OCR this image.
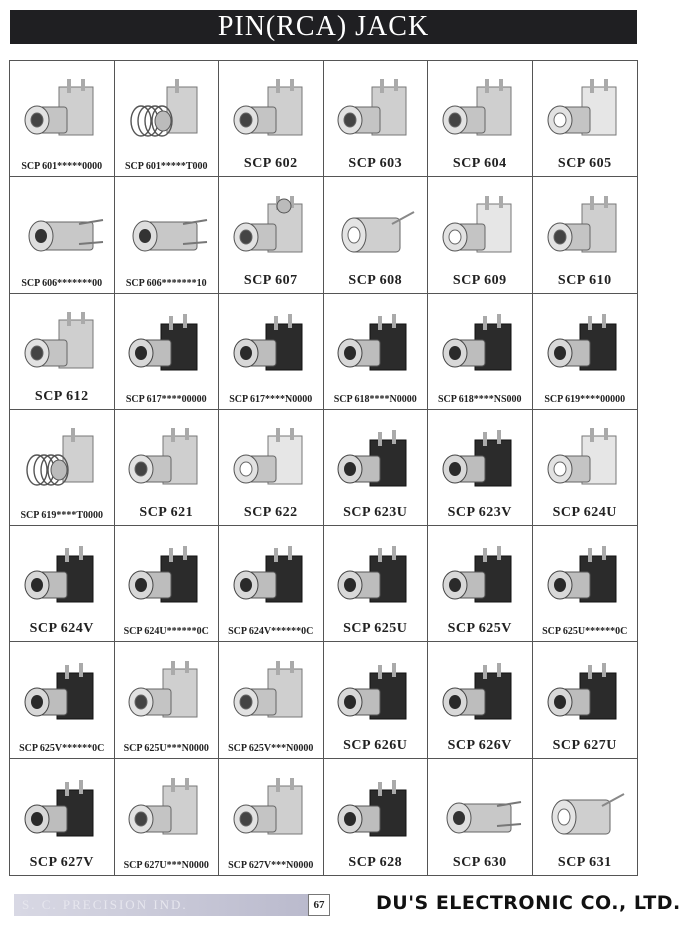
PIN(RCA) JACK
SCP 601*****0000	SCP 601*****T000	SCP 602	SCP 603	SCP 604	SCP 605
SCP 606*******00	SCP 606*******10	SCP 607	SCP 608	SCP 609	SCP 610
SCP 612	SCP 617****00000	SCP 617****N0000	SCP 618****N0000	SCP 618****NS000	SCP 619****00000
SCP 619****T0000	SCP 621	SCP 622	SCP 623U	SCP 623V	SCP 624U
SCP 624V	SCP 624U******0C	SCP 624V******0C	SCP 625U	SCP 625V	SCP 625U******0C
SCP 625V******0C	SCP 625U***N0000	SCP 625V***N0000	SCP 626U	SCP 626V	SCP 627U
SCP 627V	SCP 627U***N0000	SCP 627V***N0000	SCP 628	SCP 630	SCP 631
S. C. PRECISION IND.	67	DU'S ELECTRONIC CO., LTD.
